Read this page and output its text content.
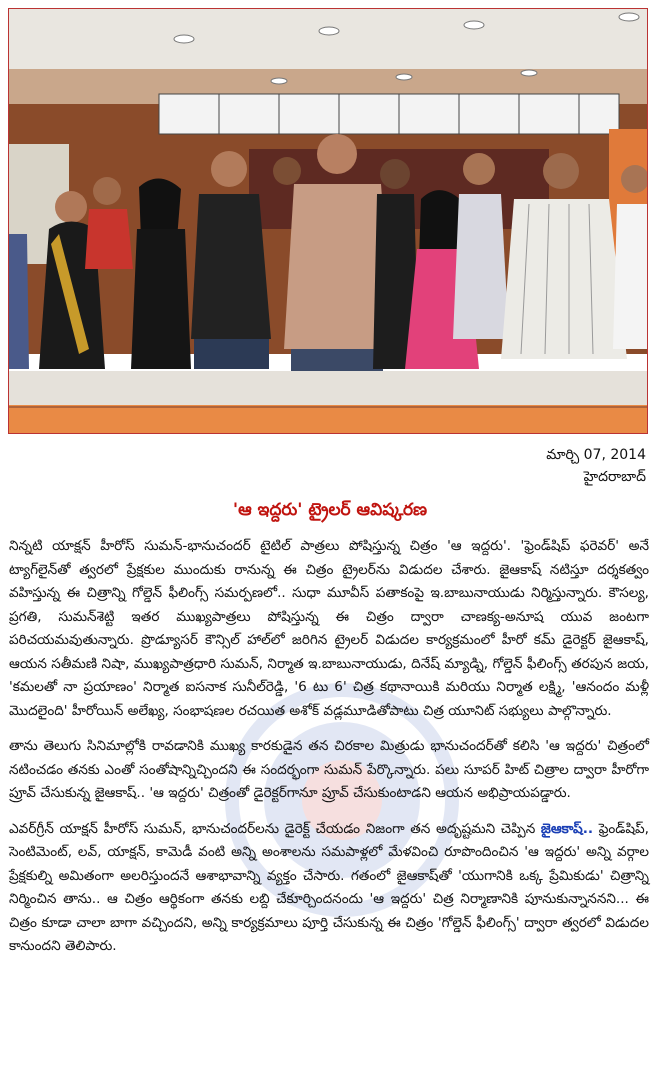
మార్చి 07, 2014
హైదరాబాద్
'ఆ ఇద్దరు' ట్రైలర్ ఆవిష్కరణ

నిన్నటి యాక్షన్ హీరోస్ సుమన్-భానుచందర్ టైటిల్ పాత్రలు పోషిస్తున్న చిత్రం 'ఆ ఇద్దరు'. 'ఫ్రెండ్‌షిప్ ఫరెవర్' అనే ట్యాగ్‌లైన్‌తో త్వరలో ప్రేక్షకుల ముందుకు రానున్న ఈ చిత్రం ట్రైలర్‌ను విడుదల చేశారు. జైఆకాష్ నటిస్తూ దర్శకత్వం వహిస్తున్న ఈ చిత్రాన్ని గోల్డెన్ ఫీలింగ్స్ సమర్పణలో.. సుధా మూవీస్ పతాకంపై ఇ.బాబునాయుడు నిర్మిస్తున్నారు. కౌసల్య, ప్రగతి, సుమన్‌శెట్టి ఇతర ముఖ్యపాత్రలు పోషిస్తున్న ఈ చిత్రం ద్వారా చాణక్య-అనూష యువ జంటగా పరిచయమవుతున్నారు. ప్రొడ్యూసర్ కౌన్సిల్ హాల్‌లో జరిగిన ట్రైలర్ విడుదల కార్యక్రమంలో హీరో కమ్ డైరెక్టర్ జైఆకాష్, ఆయన సతీమణి నిషా, ముఖ్యపాత్రధారి సుమన్, నిర్మాత ఇ.బాబునాయుడు, దినేష్ మ్యాడ్ని, గోల్డెన్ ఫీలింగ్స్ తరపున జయ, 'కమలతో నా ప్రయాణం' నిర్మాత ఐసనాక సునీల్‌రెడ్డి, '6 టు 6' చిత్ర కథానాయికి మరియు నిర్మాత లక్ష్మి, 'ఆనందం మళ్లీ మొదలైంది' హీరోయిన్ అలేఖ్య, సంభాషణల రచయిత అశోక్ వడ్లమూడితోపాటు చిత్ర యూనిట్ సభ్యులు పాల్గొన్నారు.

తాను తెలుగు సినిమాల్లోకి రావడానికి ముఖ్య కారకుడైన తన చిరకాల మిత్రుడు భానుచందర్‌తో కలిసి 'ఆ ఇద్దరు' చిత్రంలో నటించడం తనకు ఎంతో సంతోషాన్నిచ్చిందని ఈ సందర్భంగా సుమన్ పేర్కొన్నారు. పలు సూపర్ హిట్ చిత్రాల ద్వారా హీరోగా ప్రూవ్ చేసుకున్న జైఆకాష్.. 'ఆ ఇద్దరు' చిత్రంతో డైరెక్టర్‌గానూ ప్రూవ్ చేసుకుంటాడని ఆయన అభిప్రాయపడ్డారు.

ఎవర్‌గ్రీన్ యాక్షన్ హీరోస్ సుమన్, భానుచందర్‌లను డైరెక్ట్ చేయడం నిజంగా తన అదృష్టమని చెప్పిన జైఆకాష్.. ఫ్రెండ్‌షిప్, సెంటిమెంట్, లవ్, యాక్షన్, కామెడీ వంటి అన్ని అంశాలను సమపాళ్లలో మేళవించి రూపొందించిన 'ఆ ఇద్దరు' అన్ని వర్గాల ప్రేక్షకుల్ని అమితంగా అలరిస్తుందనే ఆశాభావాన్ని వ్యక్తం చేసారు. గతంలో జైఆకాష్‌తో 'యుగానికి ఒక్క ప్రేమికుడు' చిత్రాన్ని నిర్మించిన తాను.. ఆ చిత్రం ఆర్థికంగా తనకు లబ్ది చేకూర్చిందనందు 'ఆ ఇద్దరు' చిత్ర నిర్మాణానికి పూనుకున్నాననని... ఈ చిత్రం కూడా చాలా బాగా వచ్చిందని, అన్ని కార్యక్రమాలు పూర్తి చేసుకున్న ఈ చిత్రం 'గోల్డెన్ ఫీలింగ్స్' ద్వారా త్వరలో విడుదల కానుందని తెలిపారు.
